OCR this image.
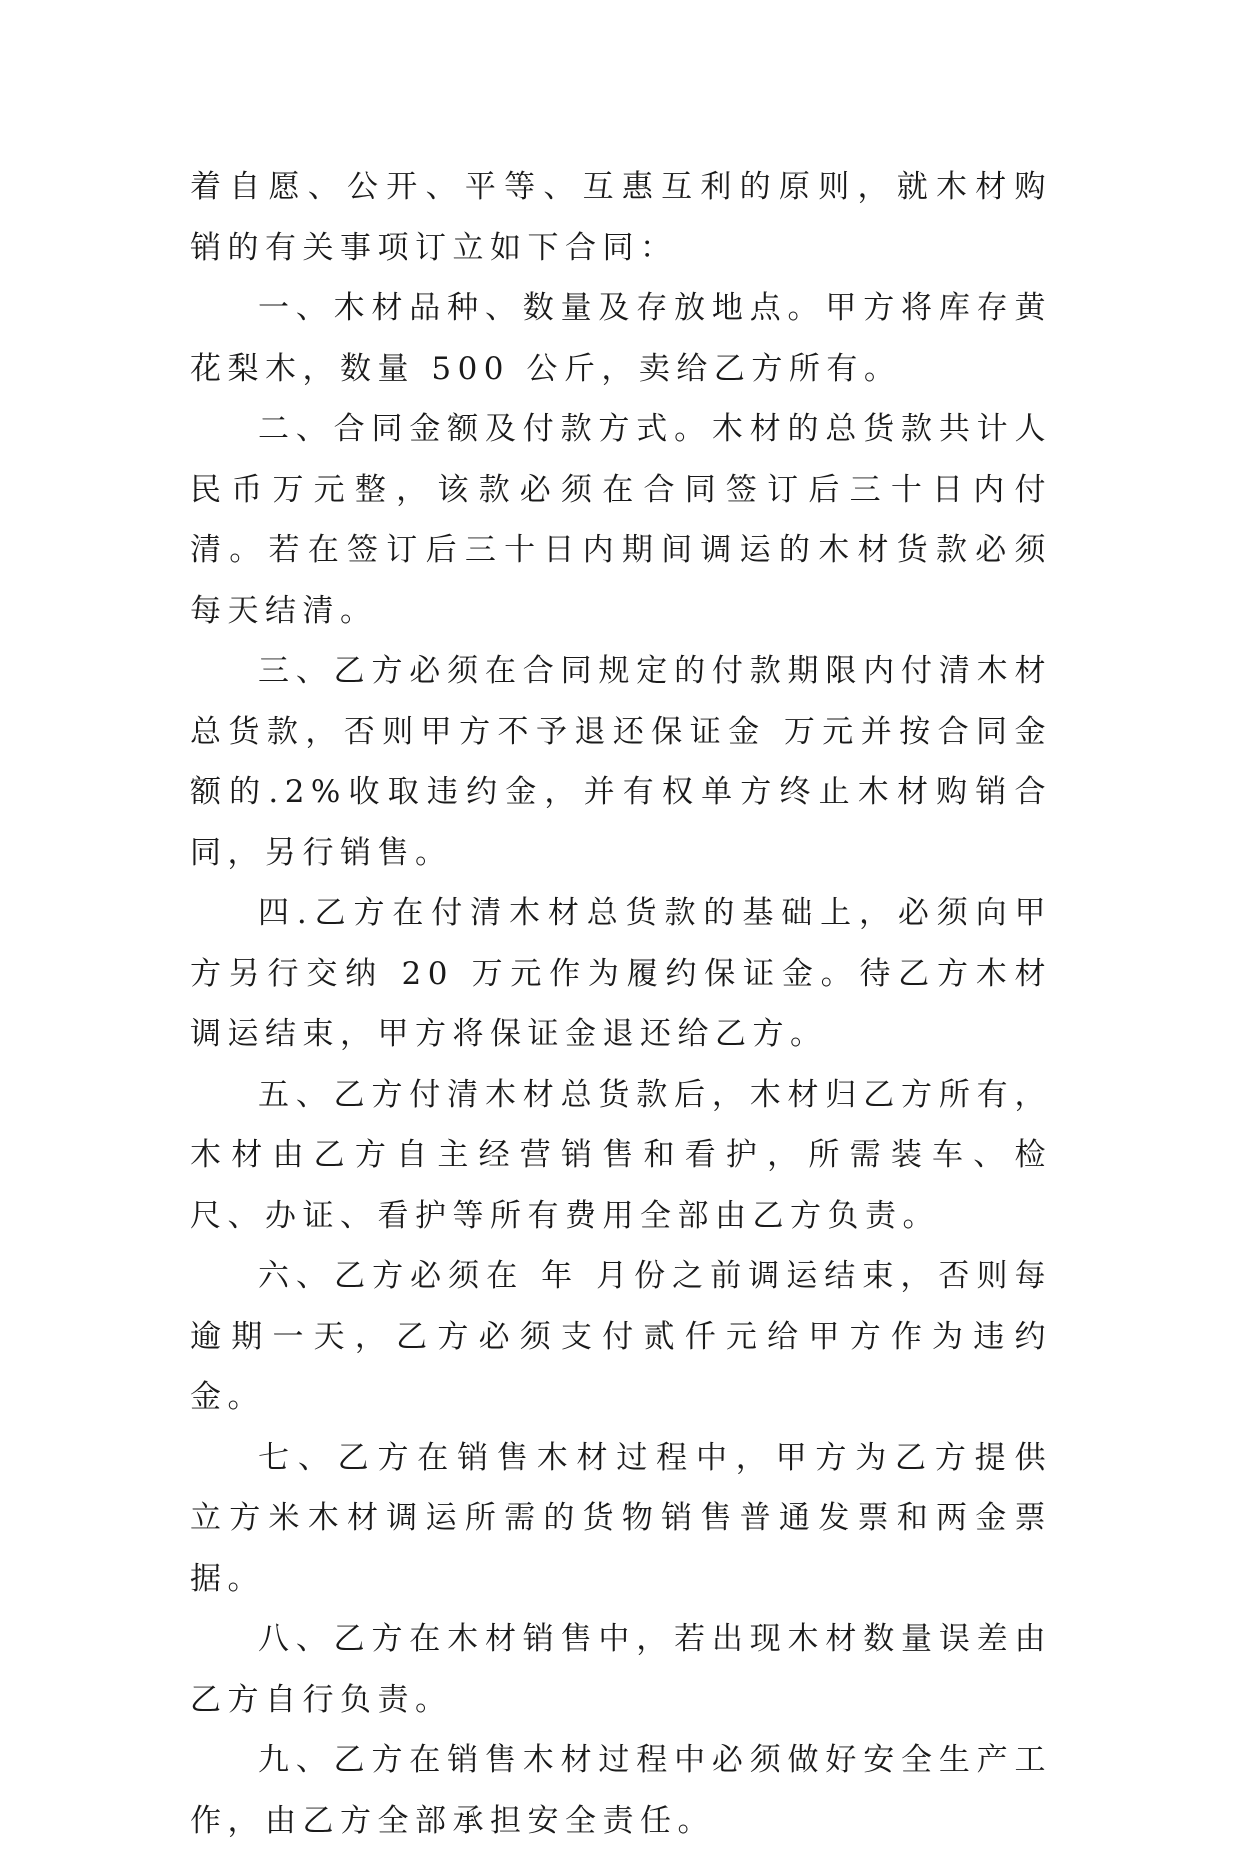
着自愿、公开、平等、互惠互利的原则，就木材购销的有关事项订立如下合同：

一、木材品种、数量及存放地点。甲方将库存黄花梨木，数量 500 公斤，卖给乙方所有。

二、合同金额及付款方式。木材的总货款共计人民币万元整，该款必须在合同签订后三十日内付清。若在签订后三十日内期间调运的木材货款必须每天结清。

三、乙方必须在合同规定的付款期限内付清木材总货款，否则甲方不予退还保证金 万元并按合同金额的.2%收取违约金，并有权单方终止木材购销合同，另行销售。

四.乙方在付清木材总货款的基础上，必须向甲方另行交纳 20 万元作为履约保证金。待乙方木材调运结束，甲方将保证金退还给乙方。

五、乙方付清木材总货款后，木材归乙方所有，木材由乙方自主经营销售和看护，所需装车、检尺、办证、看护等所有费用全部由乙方负责。

六、乙方必须在 年 月份之前调运结束，否则每逾期一天，乙方必须支付贰仟元给甲方作为违约金。

七、乙方在销售木材过程中，甲方为乙方提供 立方米木材调运所需的货物销售普通发票和两金票据。

八、乙方在木材销售中，若出现木材数量误差由乙方自行负责。

九、乙方在销售木材过程中必须做好安全生产工作，由乙方全部承担安全责任。
